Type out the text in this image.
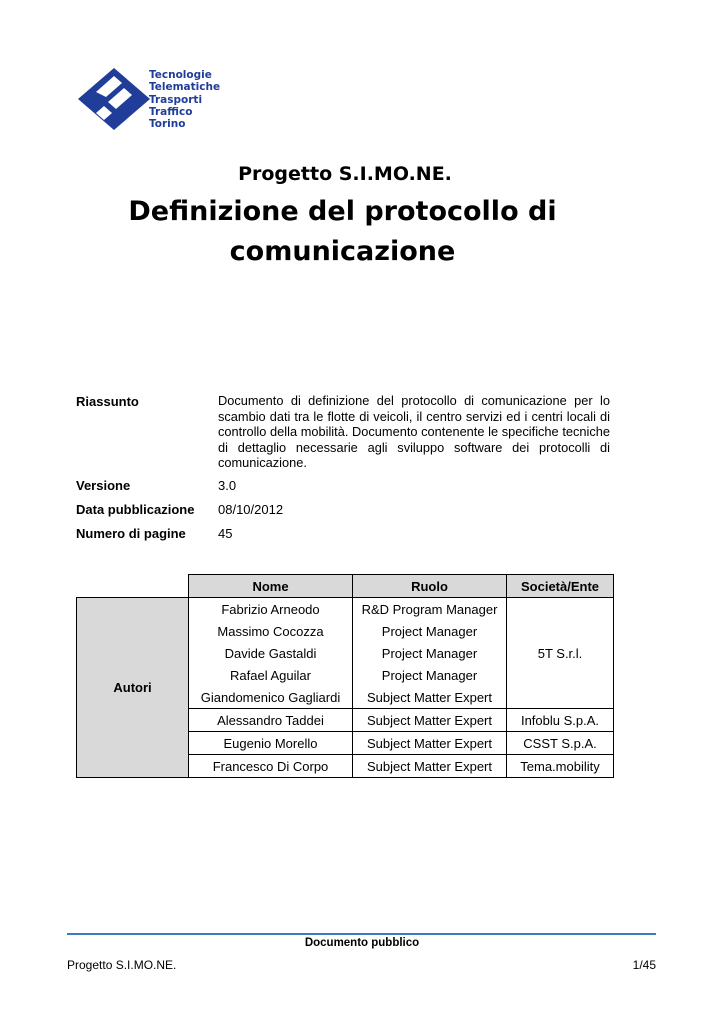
Tecnologie
Telematiche
Trasporti
Traffico
Torino
Progetto S.I.MO.NE.
Definizione del protocollo di
comunicazione
Riassunto	Documento di definizione del protocollo di comunicazione per lo scambio dati tra le flotte di veicoli, il centro servizi ed i centri locali di controllo della mobilità. Documento contenente le specifiche tecniche di dettaglio necessarie agli sviluppo software dei protocolli di comunicazione.
Versione	3.0
Data pubblicazione 08/10/2012
Numero di pagine 45
	Nome	Ruolo	Società/Ente
Autori	Fabrizio Arneodo	R&D Program Manager	5T S.r.l.
	Massimo Cocozza	Project Manager	
	Davide Gastaldi	Project Manager	
	Rafael Aguilar	Project Manager	
	Giandomenico Gagliardi	Subject Matter Expert	
	Alessandro Taddei	Subject Matter Expert	Infoblu S.p.A.
	Eugenio Morello	Subject Matter Expert	CSST S.p.A.
	Francesco Di Corpo	Subject Matter Expert	Tema.mobility
Documento pubblico
Progetto S.I.MO.NE.	1/45
